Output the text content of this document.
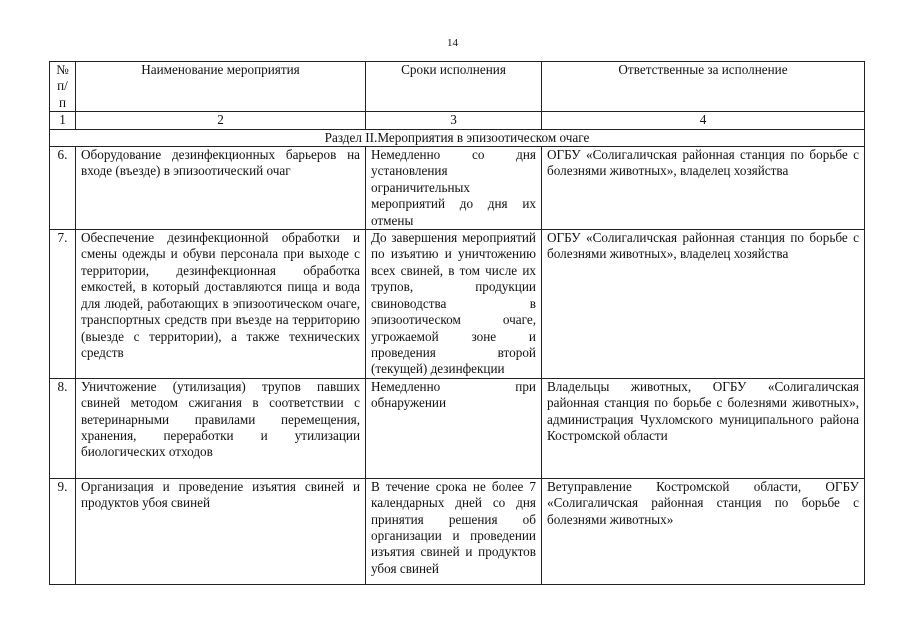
14
№
п/п	Наименование мероприятия	Сроки исполнения	Ответственные за исполнение
1	2	3	4
Раздел II.Мероприятия в эпизоотическом очаге			
6.	Оборудование дезинфекционных барьеров на входе (въезде) в эпизоотический очаг	Немедленно со дня установления ограничительных мероприятий до дня их отмены	ОГБУ «Солигаличская районная станция по борьбе с болезнями животных», владелец хозяйства
7.	Обеспечение дезинфекционной обработки и смены одежды и обуви персонала при выходе с территории, дезинфекционная обработка емкостей, в который доставляются пища и вода для людей, работающих в эпизоотическом очаге, транспортных средств при въезде на территорию (выезде с территории), а также технических средств	До завершения мероприятий по изъятию и уничтожению всех свиней, в том числе их трупов, продукции свиноводства в эпизоотическом очаге, угрожаемой зоне и проведения второй (текущей) дезинфекции	ОГБУ «Солигаличская районная станция по борьбе с болезнями животных», владелец хозяйства
8.	Уничтожение (утилизация) трупов павших свиней методом сжигания в соответствии с ветеринарными правилами перемещения, хранения, переработки и утилизации биологических отходов	Немедленно при обнаружении	Владельцы животных, ОГБУ «Солигаличская районная станция по борьбе с болезнями животных», администрация Чухломского муниципального района Костромской области
9.	Организация и проведение изъятия свиней и продуктов убоя свиней	В течение срока не более 7 календарных дней со дня принятия решения об организации и проведении изъятия свиней и продуктов убоя свиней	Ветуправление Костромской области, ОГБУ «Солигаличская районная станция по борьбе с болезнями животных»
